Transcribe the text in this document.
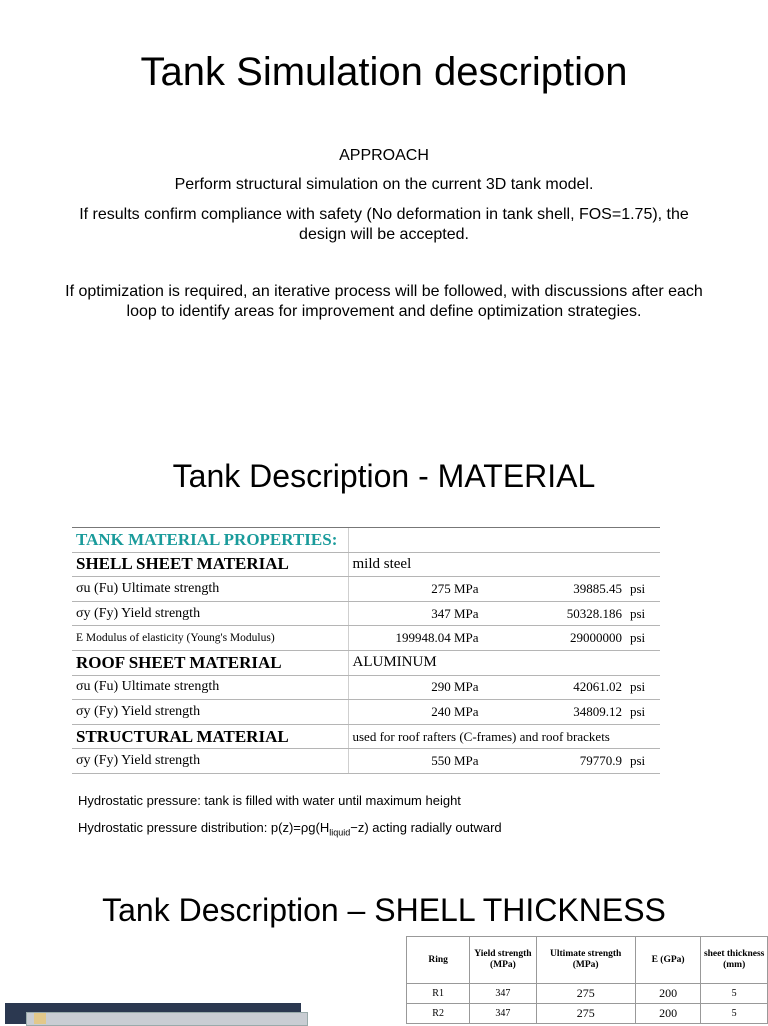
Tank Simulation description
APPROACH
Perform structural simulation on the current 3D tank model.
If results confirm compliance with safety (No deformation in tank shell, FOS=1.75), the design will be accepted.
If optimization is required, an iterative process will be followed, with discussions after each loop to identify areas for improvement and define optimization strategies.
Tank Description - MATERIAL
TANK MATERIAL PROPERTIES:			
SHELL SHEET MATERIAL	mild steel		
σu (Fu) Ultimate strength	275 MPa	39885.45	psi
σy (Fy) Yield strength	347 MPa	50328.186	psi
E Modulus of elasticity (Young's Modulus)	199948.04 MPa	29000000	psi
ROOF SHEET MATERIAL	ALUMINUM		
σu (Fu) Ultimate strength	290 MPa	42061.02	psi
σy (Fy) Yield strength	240 MPa	34809.12	psi
STRUCTURAL MATERIAL	used for roof rafters (C-frames) and roof brackets		
σy (Fy) Yield strength	550 MPa	79770.9	psi
Hydrostatic pressure: tank is filled with water until maximum height
Hydrostatic pressure distribution: $p(z)=\rho g(H_{liquid}-z)$ acting radially outward
Tank Description – SHELL THICKNESS
Ring	Yield strength (MPa)	Ultimate strength (MPa)	E (GPa)	sheet thickness (mm)
R1	347	275	200	5
R2	347	275	200	5
